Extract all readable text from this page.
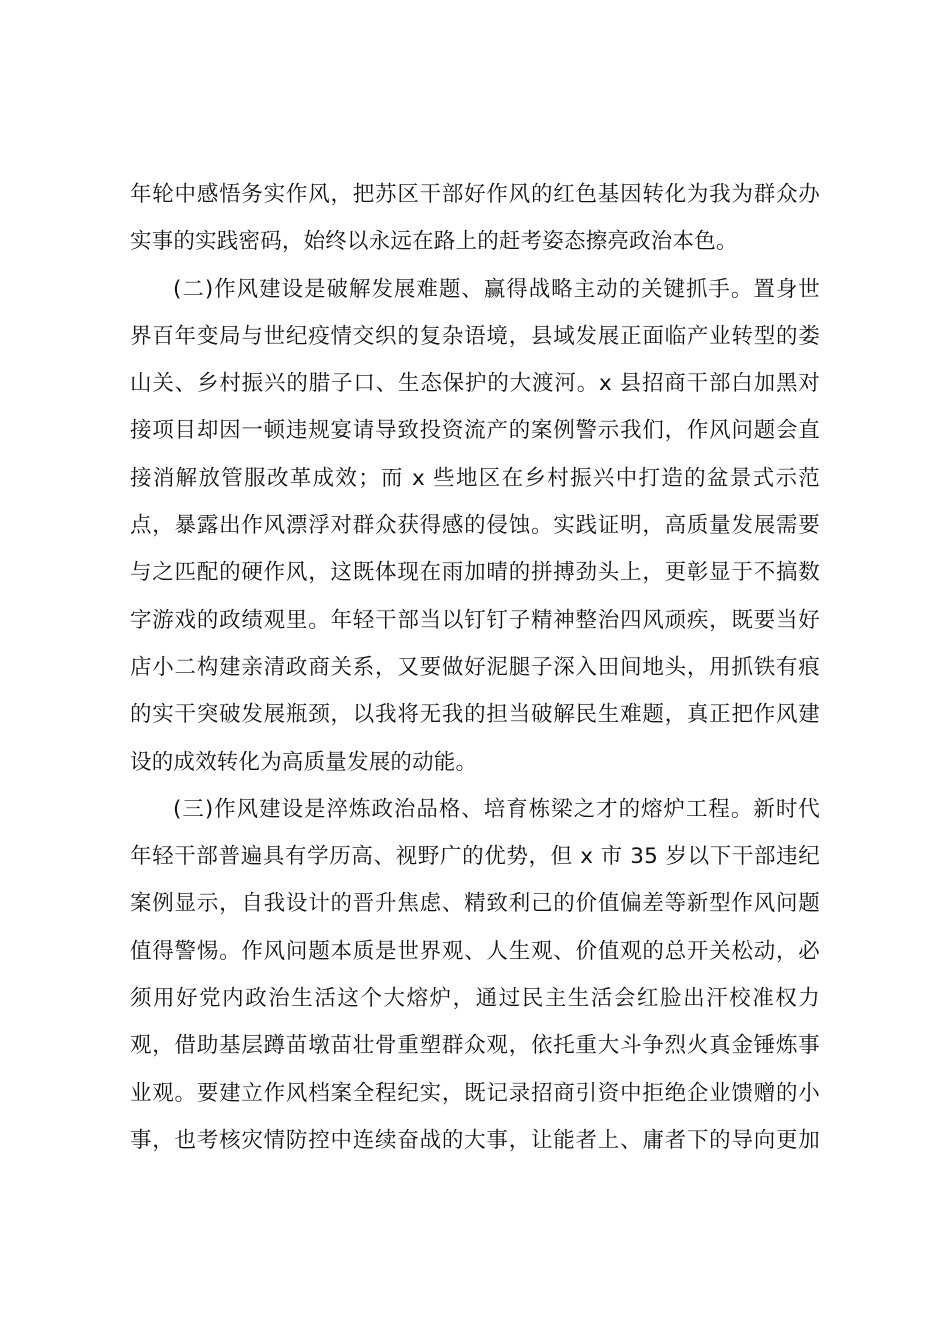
年轮中感悟务实作风，把苏区干部好作风的红色基因转化为我为群众办
实事的实践密码，始终以永远在路上的赶考姿态擦亮政治本色。
(二)作风建设是破解发展难题、赢得战略主动的关键抓手。置身世
界百年变局与世纪疫情交织的复杂语境，县域发展正面临产业转型的娄
山关、乡村振兴的腊子口、生态保护的大渡河。x 县招商干部白加黑对
接项目却因一顿违规宴请导致投资流产的案例警示我们，作风问题会直
接消解放管服改革成效；而 x 些地区在乡村振兴中打造的盆景式示范
点，暴露出作风漂浮对群众获得感的侵蚀。实践证明，高质量发展需要
与之匹配的硬作风，这既体现在雨加晴的拼搏劲头上，更彰显于不搞数
字游戏的政绩观里。年轻干部当以钉钉子精神整治四风顽疾，既要当好
店小二构建亲清政商关系，又要做好泥腿子深入田间地头，用抓铁有痕
的实干突破发展瓶颈，以我将无我的担当破解民生难题，真正把作风建
设的成效转化为高质量发展的动能。
(三)作风建设是淬炼政治品格、培育栋梁之才的熔炉工程。新时代
年轻干部普遍具有学历高、视野广的优势，但 x 市 35 岁以下干部违纪
案例显示，自我设计的晋升焦虑、精致利己的价值偏差等新型作风问题
值得警惕。作风问题本质是世界观、人生观、价值观的总开关松动，必
须用好党内政治生活这个大熔炉，通过民主生活会红脸出汗校准权力
观，借助基层蹲苗墩苗壮骨重塑群众观，依托重大斗争烈火真金锤炼事
业观。要建立作风档案全程纪实，既记录招商引资中拒绝企业馈赠的小
事，也考核灾情防控中连续奋战的大事，让能者上、庸者下的导向更加
